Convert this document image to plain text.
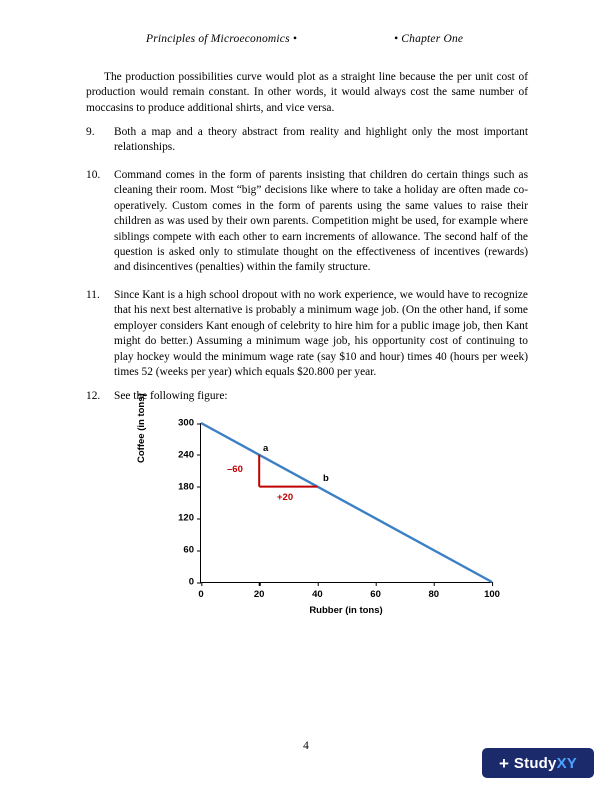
Principles of Microeconomics •	• Chapter One
The production possibilities curve would plot as a straight line because the per unit cost of production would remain constant. In other words, it would always cost the same number of moccasins to produce additional shirts, and vice versa.
9.	Both a map and a theory abstract from reality and highlight only the most important relationships.
10.	Command comes in the form of parents insisting that children do certain things such as cleaning their room. Most “big” decisions like where to take a holiday are often made co-operatively. Custom comes in the form of parents using the same values to raise their children as was used by their own parents. Competition might be used, for example where siblings compete with each other to earn increments of allowance. The second half of the question is asked only to stimulate thought on the effectiveness of incentives (rewards) and disincentives (penalties) within the family structure.
11.	Since Kant is a high school dropout with no work experience, we would have to recognize that his next best alternative is probably a minimum wage job. (On the other hand, if some employer considers Kant enough of celebrity to hire him for a public image job, then Kant might do better.) Assuming a minimum wage job, his opportunity cost of continuing to play hockey would the minimum wage rate (say $10 and hour) times 40 (hours per week) times 52 (weeks per year) which equals $20.800 per year.
12. See the following figure:
Coffee (in tons)	300
240
180
120
60
0
0	20	40	60	80	100
a
b
–60
+20
Rubber (in tons)
4
+ StudyXY
